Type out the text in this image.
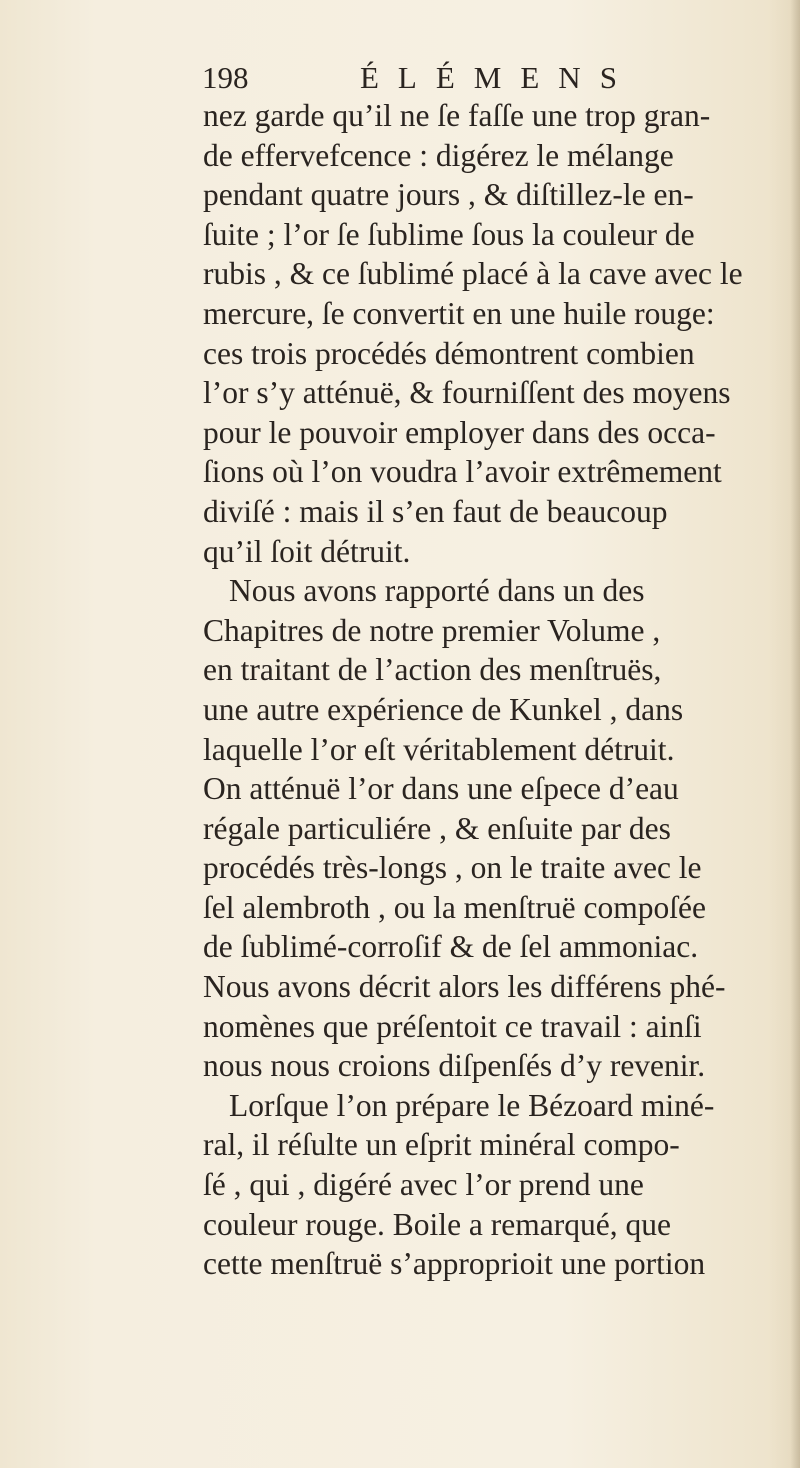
198	ÉLÉMENS
nez garde qu’il ne ſe faſſe une trop gran-
de effervefcence : digérez le mélange
pendant quatre jours , & diſtillez-le en-
ſuite ; l’or ſe ſublime ſous la couleur de
rubis , & ce ſublimé placé à la cave avec le
mercure, ſe convertit en une huile rouge:
ces trois procédés démontrent combien
l’or s’y atténuë, & fourniſſent des moyens
pour le pouvoir employer dans des occa-
ſions où l’on voudra l’avoir extrêmement
diviſé : mais il s’en faut de beaucoup
qu’il ſoit détruit.
Nous avons rapporté dans un des
Chapitres de notre premier Volume ,
en traitant de l’action des menſtruës,
une autre expérience de Kunkel , dans
laquelle l’or eſt véritablement détruit.
On atténuë l’or dans une eſpece d’eau
régale particuliére , & enſuite par des
procédés très-longs , on le traite avec le
ſel alembroth , ou la menſtruë compoſée
de ſublimé-corroſif & de ſel ammoniac.
Nous avons décrit alors les différens phé-
nomènes que préſentoit ce travail : ainſi
nous nous croions diſpenſés d’y revenir.
Lorſque l’on prépare le Bézoard miné-
ral, il réſulte un eſprit minéral compo-
ſé , qui , digéré avec l’or prend une
couleur rouge. Boile a remarqué, que
cette menſtruë s’approprioit une portion
